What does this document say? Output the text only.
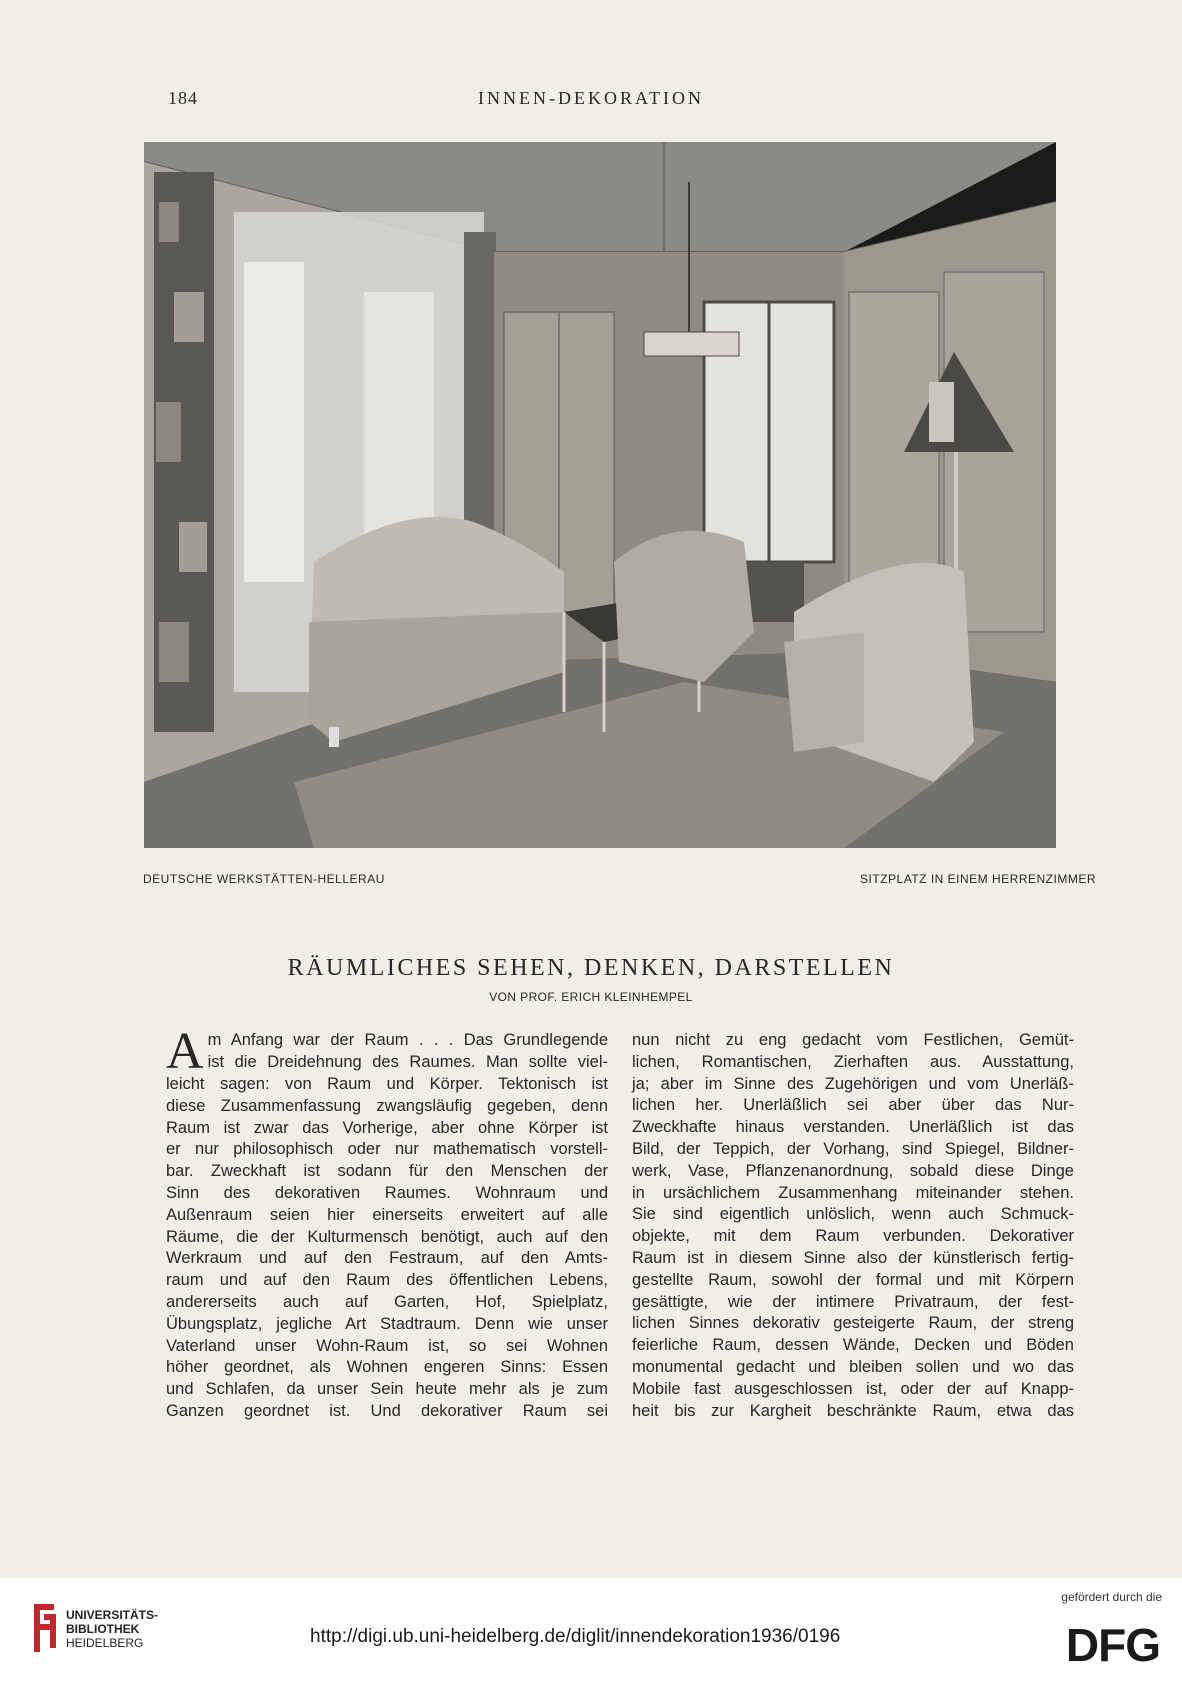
184	INNEN-DEKORATION
DEUTSCHE WERKSTÄTTEN-HELLERAU	SITZPLATZ IN EINEM HERRENZIMMER
RÄUMLICHES SEHEN, DENKEN, DARSTELLEN
VON PROF. ERICH KLEINHEMPEL
A m Anfang war der Raum . . . Das Grundlegende
ist die Dreidehnung des Raumes. Man sollte viel-
leicht sagen: von Raum und Körper. Tektonisch ist
diese Zusammenfassung zwangsläufig gegeben, denn
Raum ist zwar das Vorherige, aber ohne Körper ist
er nur philosophisch oder nur mathematisch vorstell-
bar. Zweckhaft ist sodann für den Menschen der
Sinn des dekorativen Raumes. Wohnraum und
Außenraum seien hier einerseits erweitert auf alle
Räume, die der Kulturmensch benötigt, auch auf den
Werkraum und auf den Festraum, auf den Amts-
raum und auf den Raum des öffentlichen Lebens,
andererseits auch auf Garten, Hof, Spielplatz,
Übungsplatz, jegliche Art Stadtraum. Denn wie unser
Vaterland unser Wohn-Raum ist, so sei Wohnen
höher geordnet, als Wohnen engeren Sinns: Essen
und Schlafen, da unser Sein heute mehr als je zum
Ganzen geordnet ist. Und dekorativer Raum sei
nun nicht zu eng gedacht vom Festlichen, Gemüt-
lichen, Romantischen, Zierhaften aus. Ausstattung,
ja; aber im Sinne des Zugehörigen und vom Unerläß-
lichen her. Unerläßlich sei aber über das Nur-
Zweckhafte hinaus verstanden. Unerläßlich ist das
Bild, der Teppich, der Vorhang, sind Spiegel, Bildner-
werk, Vase, Pflanzenanordnung, sobald diese Dinge
in ursächlichem Zusammenhang miteinander stehen.
Sie sind eigentlich unlöslich, wenn auch Schmuck-
objekte, mit dem Raum verbunden. Dekorativer
Raum ist in diesem Sinne also der künstlerisch fertig-
gestellte Raum, sowohl der formal und mit Körpern
gesättigte, wie der intimere Privatraum, der fest-
lichen Sinnes dekorativ gesteigerte Raum, der streng
feierliche Raum, dessen Wände, Decken und Böden
monumental gedacht und bleiben sollen und wo das
Mobile fast ausgeschlossen ist, oder der auf Knapp-
heit bis zur Kargheit beschränkte Raum, etwa das
UNIVERSITÄTS-
BIBLIOTHEK
HEIDELBERG	http://digi.ub.uni-heidelberg.de/diglit/innendekoration1936/0196
gefördert durch die
DFG
